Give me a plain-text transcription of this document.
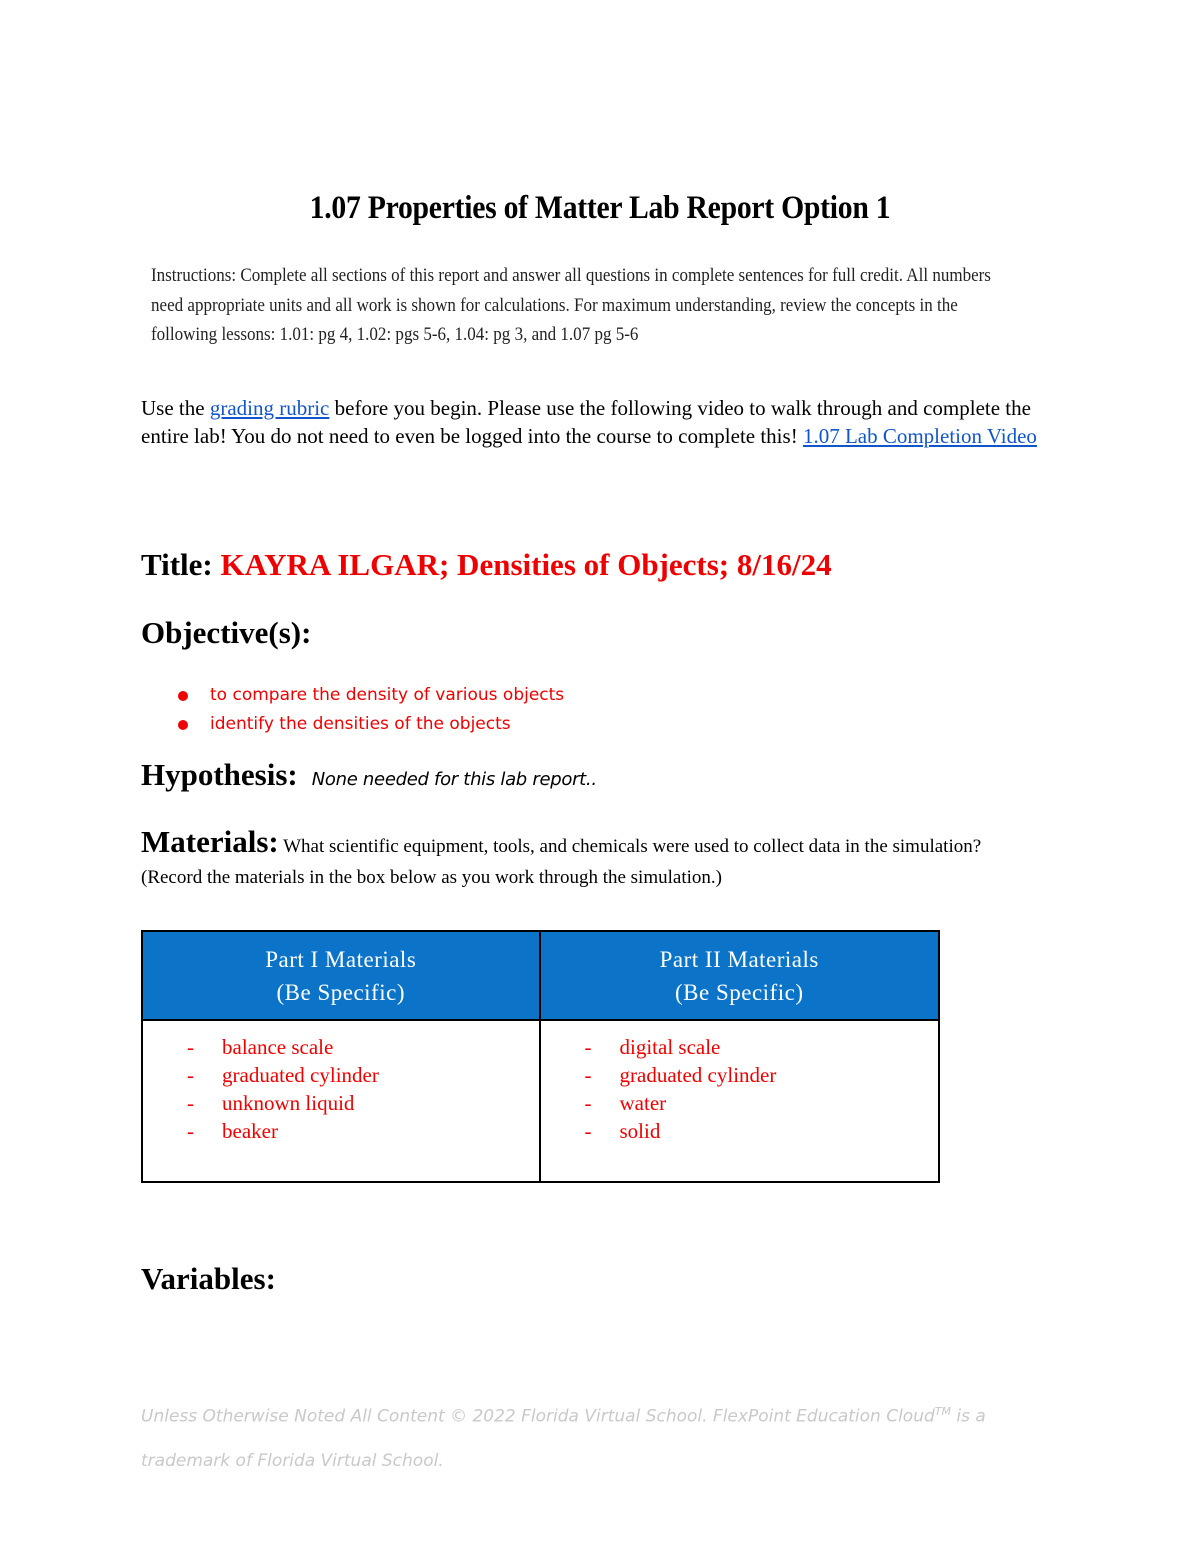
1.07 Properties of Matter Lab Report Option 1
Instructions: Complete all sections of this report and answer all questions in complete sentences for full credit. All numbers need appropriate units and all work is shown for calculations. For maximum understanding, review the concepts in the following lessons: 1.01: pg 4, 1.02: pgs 5-6, 1.04: pg 3, and 1.07 pg 5-6
Use the grading rubric before you begin. Please use the following video to walk through and complete the entire lab! You do not need to even be logged into the course to complete this! 1.07 Lab Completion Video
Title: KAYRA ILGAR; Densities of Objects; 8/16/24
Objective(s):
to compare the density of various objects
identify the densities of the objects
Hypothesis: None needed for this lab report..
Materials: What scientific equipment, tools, and chemicals were used to collect data in the simulation? (Record the materials in the box below as you work through the simulation.)
Part I Materials
(Be Specific)
Part II Materials
(Be Specific)
- balance scale
- graduated cylinder
- unknown liquid
- beaker
- digital scale
- graduated cylinder
- water
- solid
Variables:
Unless Otherwise Noted All Content © 2022 Florida Virtual School. FlexPoint Education Cloud™ is a
trademark of Florida Virtual School.
